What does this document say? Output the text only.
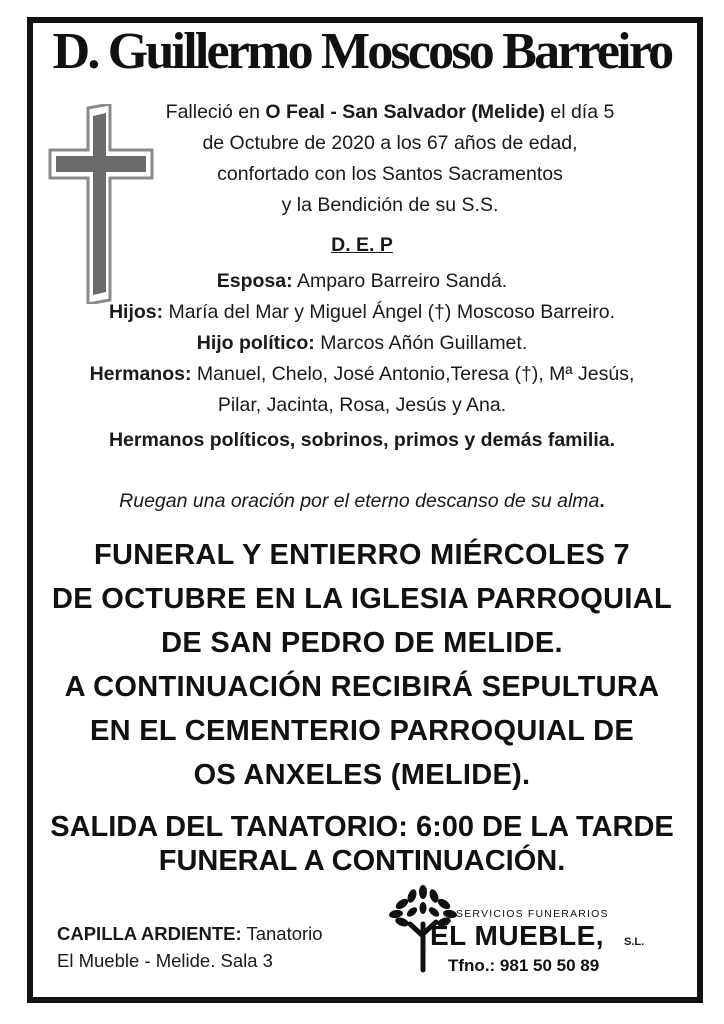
D. Guillermo Moscoso Barreiro

Falleció en O Feal - San Salvador (Melide) el día 5

de Octubre de 2020 a los 67 años de edad,

confortado con los Santos Sacramentos

y la Bendición de su S.S.

D. E. P

Esposa: Amparo Barreiro Sandá.

Hijos: María del Mar y Miguel Ángel (†) Moscoso Barreiro.

Hijo político: Marcos Añón Guillamet.

Hermanos: Manuel, Chelo, José Antonio,Teresa (†), Mª Jesús,

Pilar, Jacinta, Rosa, Jesús y Ana.

Hermanos políticos, sobrinos, primos y demás familia.

Ruegan una oración por el eterno descanso de su alma.

FUNERAL Y ENTIERRO MIÉRCOLES 7

DE OCTUBRE EN LA IGLESIA PARROQUIAL

DE SAN PEDRO DE MELIDE.

A CONTINUACIÓN RECIBIRÁ SEPULTURA

EN EL CEMENTERIO PARROQUIAL DE

OS ANXELES (MELIDE).

SALIDA DEL TANATORIO: 6:00 DE LA TARDE

FUNERAL A CONTINUACIÓN.

CAPILLA ARDIENTE: Tanatorio

El Mueble - Melide. Sala 3

SERVICIOS FUNERARIOS
EL MUEBLE, S.L.
Tfno.: 981 50 50 89
